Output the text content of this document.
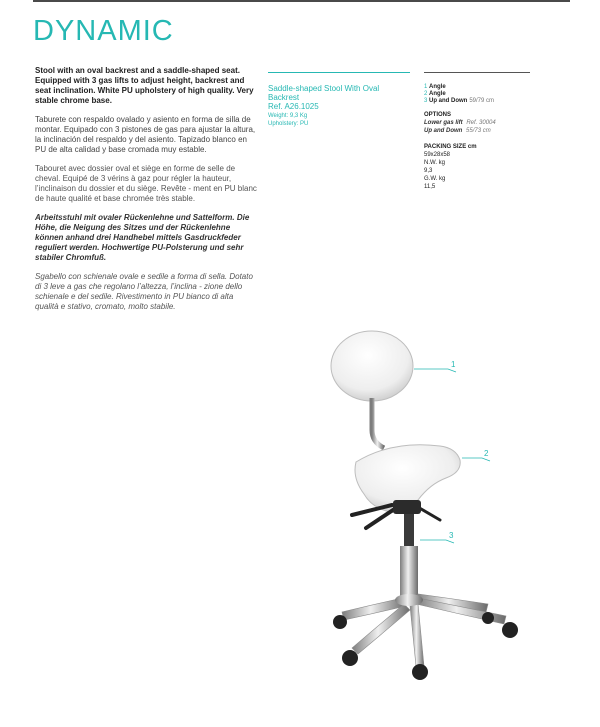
DYNAMIC

Stool with an oval backrest and a saddle-shaped seat. Equipped with 3 gas lifts to adjust height, backrest and seat inclination. White PU upholstery of high quality. Very stable chrome base.

Taburete con respaldo ovalado y asiento en forma de silla de montar. Equipado con 3 pistones de gas para ajustar la altura, la inclinación del respaldo y del asiento. Tapizado blanco en PU de alta calidad y base cromada muy estable.

Tabouret avec dossier oval et siège en forme de selle de cheval. Equipé de 3 vérins à gaz pour régler la hauteur, l’inclinaison du dossier et du siège. Revête - ment en PU blanc de haute qualité et base chromée très stable.

Arbeitsstuhl mit ovaler Rückenlehne und Sattelform. Die Höhe, die Neigung des Sitzes und der Rückenlehne können anhand drei Handhebel mittels Gasdruckfeder reguliert werden. Hochwertige PU-Polsterung und sehr stabiler Chromfuß.

Sgabello con schienale ovale e sedile a forma di sella. Dotato di 3 leve a gas che regolano l’altezza, l’inclina - zione dello schienale e del sedile. Rivestimento in PU bianco di alta qualità e stativo, cromato, molto stabile.

Saddle-shaped Stool With Oval
Backrest
Ref. A26.1025
Weight: 9,3 Kg
Upholstery: PU
1 Angle
2 Angle
3 Up and Down 59/79 cm
OPTIONS
Lower gas lift Ref. 30004
Up and Down 55/73 cm
PACKING SIZE cm
59x28x58
N.W. kg
9,3
G.W. kg
11,5
1
2
3
